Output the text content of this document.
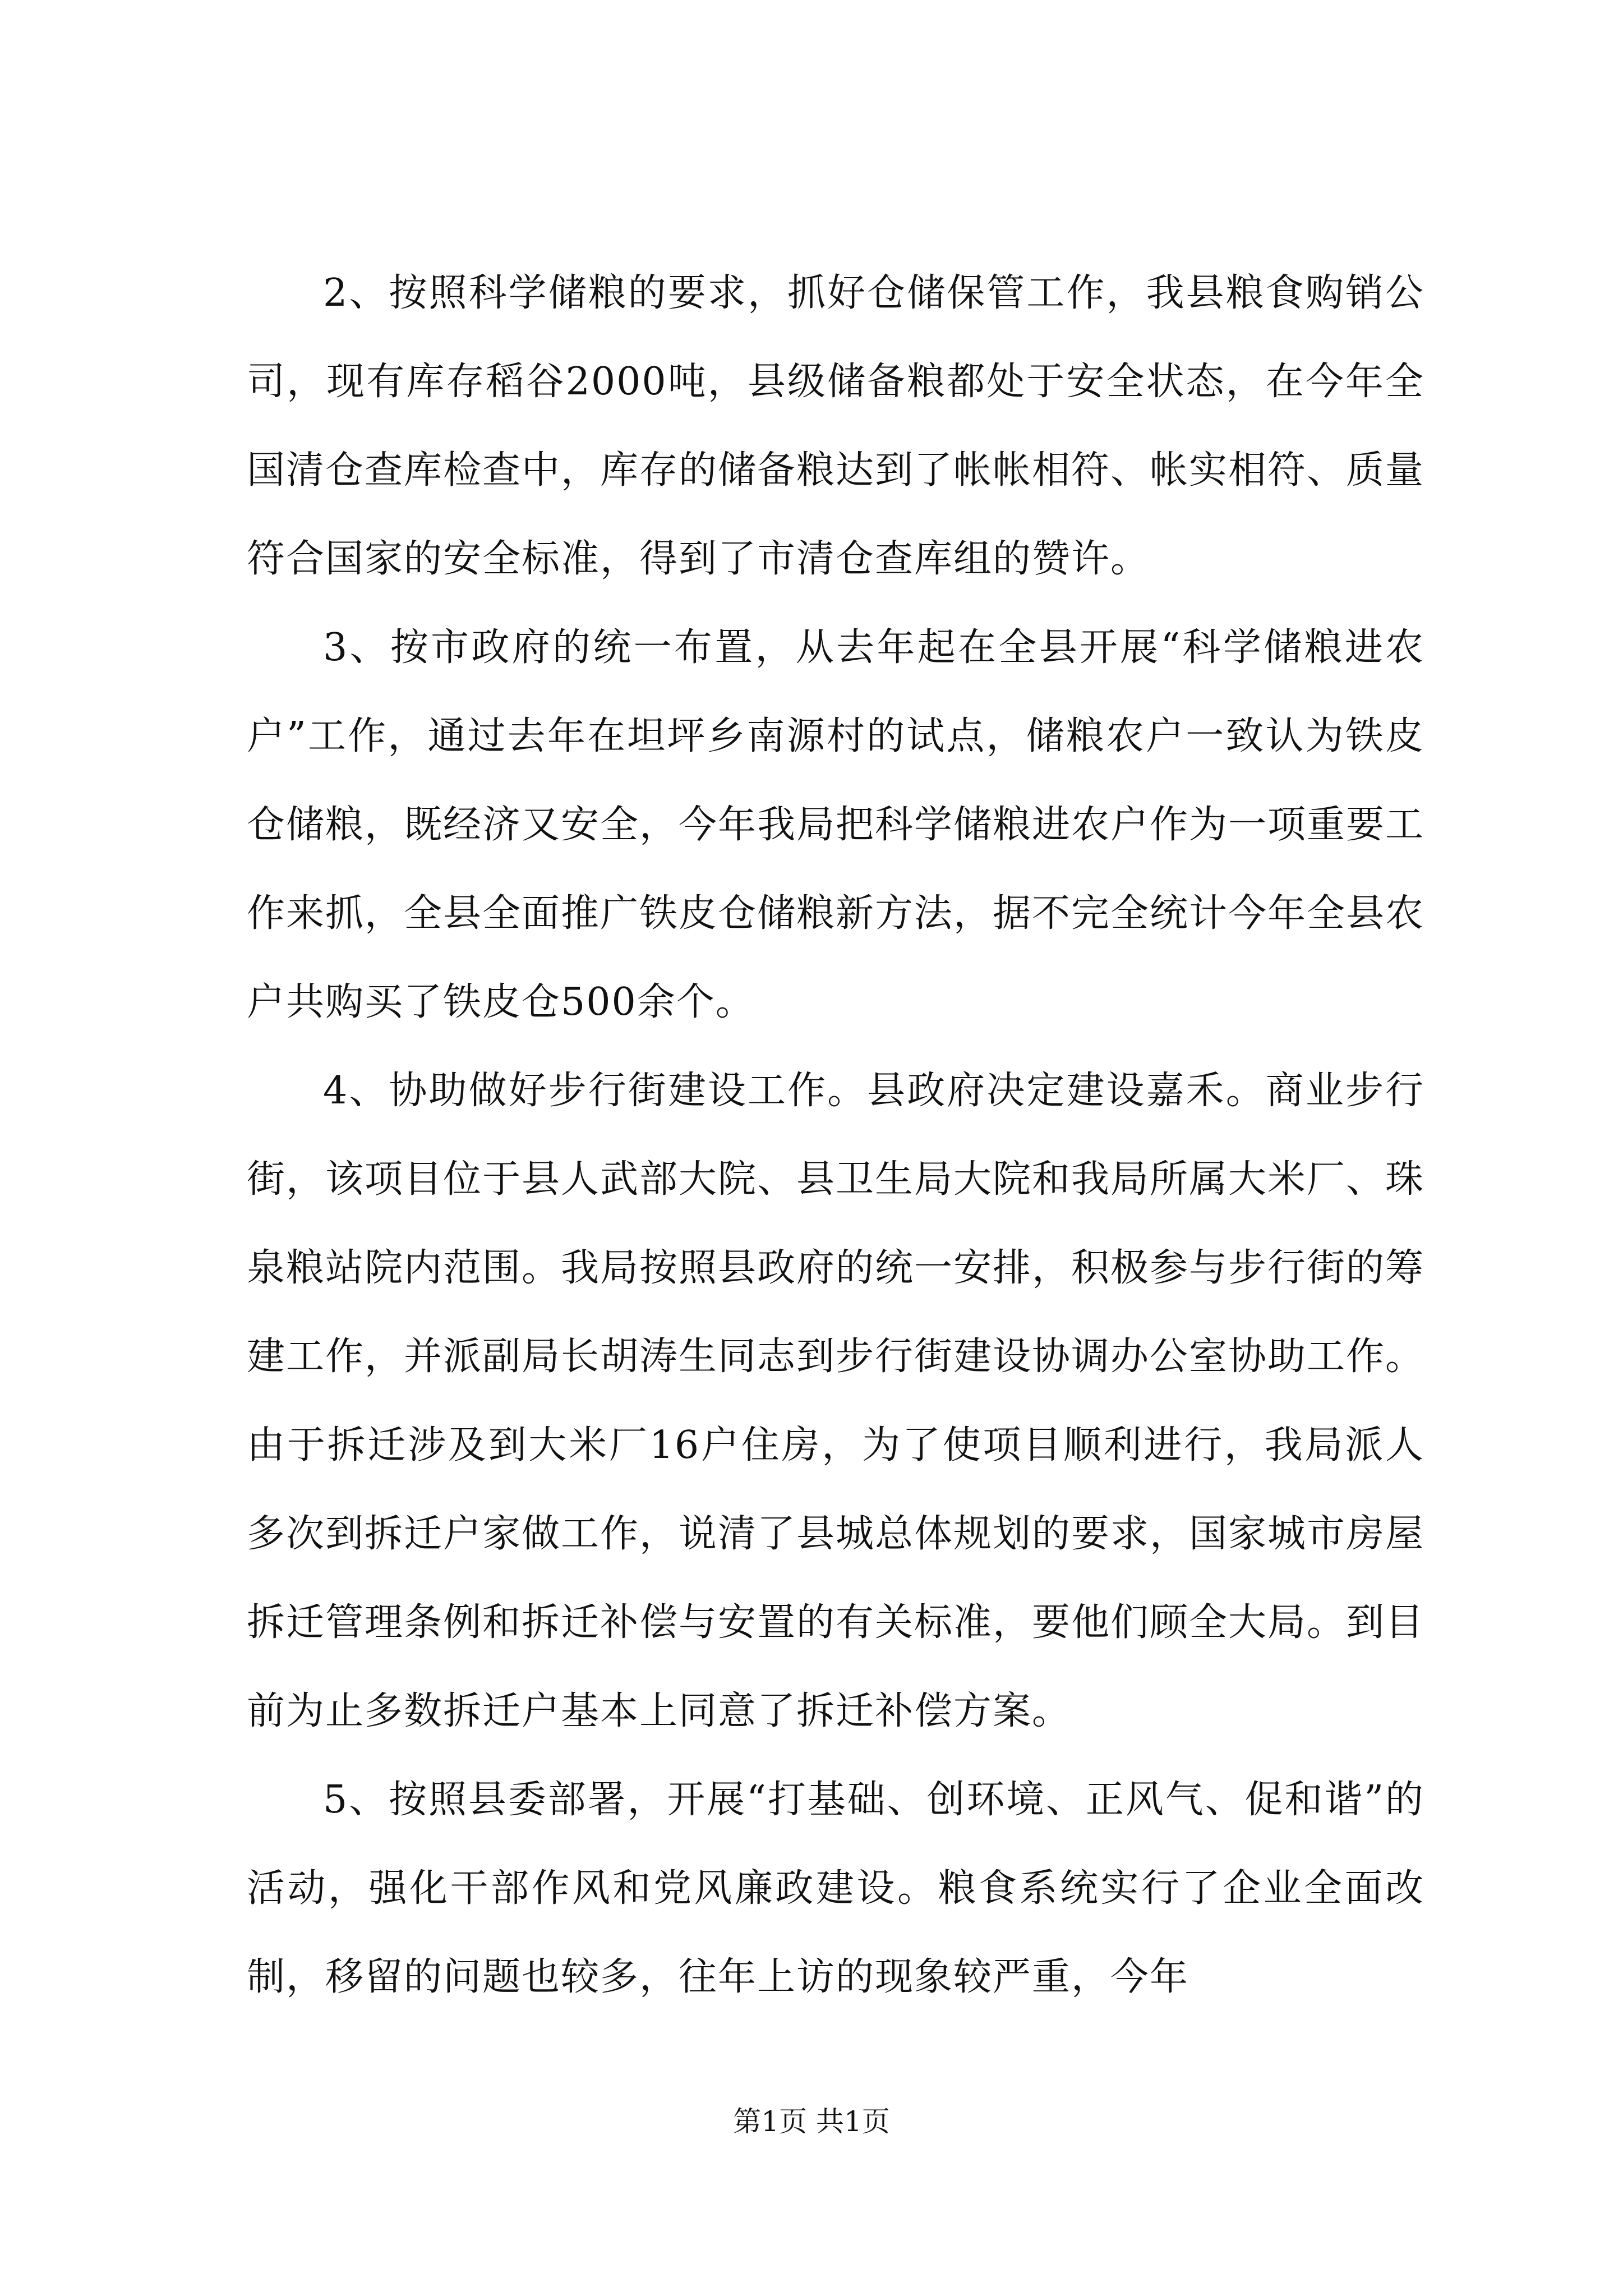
2、按照科学储粮的要求，抓好仓储保管工作，我县粮食购销公司，现有库存稻谷2000吨，县级储备粮都处于安全状态，在今年全国清仓查库检查中，库存的储备粮达到了帐帐相符、帐实相符、质量符合国家的安全标准，得到了市清仓查库组的赞许。

3、按市政府的统一布置，从去年起在全县开展“科学储粮进农户”工作，通过去年在坦坪乡南源村的试点，储粮农户一致认为铁皮仓储粮，既经济又安全，今年我局把科学储粮进农户作为一项重要工作来抓，全县全面推广铁皮仓储粮新方法，据不完全统计今年全县农户共购买了铁皮仓500余个。

4、协助做好步行街建设工作。县政府决定建设嘉禾。商业步行街，该项目位于县人武部大院、县卫生局大院和我局所属大米厂、珠泉粮站院内范围。我局按照县政府的统一安排，积极参与步行街的筹建工作，并派副局长胡涛生同志到步行街建设协调办公室协助工作。由于拆迁涉及到大米厂16户住房，为了使项目顺利进行，我局派人多次到拆迁户家做工作，说清了县城总体规划的要求，国家城市房屋拆迁管理条例和拆迁补偿与安置的有关标准，要他们顾全大局。到目前为止多数拆迁户基本上同意了拆迁补偿方案。

5、按照县委部署，开展“打基础、创环境、正风气、促和谐”的活动，强化干部作风和党风廉政建设。粮食系统实行了企业全面改制，移留的问题也较多，往年上访的现象较严重，今年

第1页 共1页
